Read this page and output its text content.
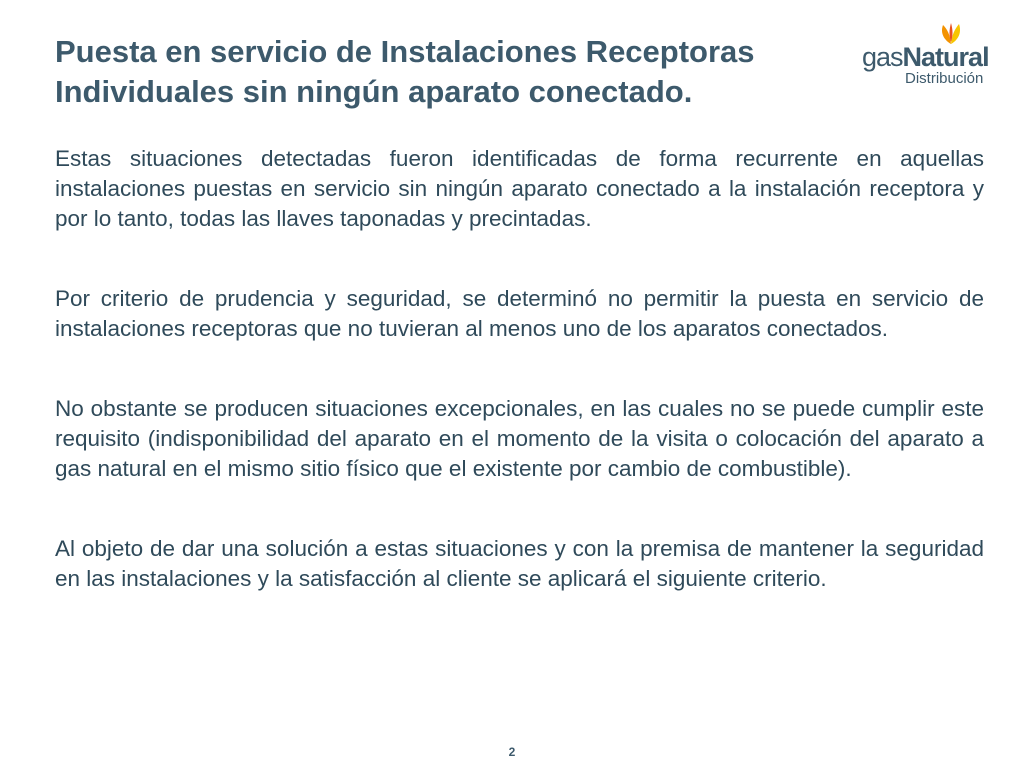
Puesta en servicio de Instalaciones Receptoras
Individuales sin ningún aparato conectado.
gasNatural
Distribución

Estas situaciones detectadas fueron identificadas de forma recurrente en aquellas instalaciones puestas en servicio sin ningún aparato conectado a la instalación receptora y por lo tanto, todas las llaves taponadas y precintadas.

Por criterio de prudencia y seguridad, se determinó no permitir la puesta en servicio de instalaciones receptoras que no tuvieran al menos uno de los aparatos conectados.

No obstante se producen situaciones excepcionales, en las cuales no se puede cumplir este requisito (indisponibilidad del aparato en el momento de la visita o colocación del aparato a gas natural en el mismo sitio físico que el existente por cambio de combustible).

Al objeto de dar una solución a estas situaciones y con la premisa de mantener la seguridad en las instalaciones y la satisfacción al cliente se aplicará el siguiente criterio.

2
